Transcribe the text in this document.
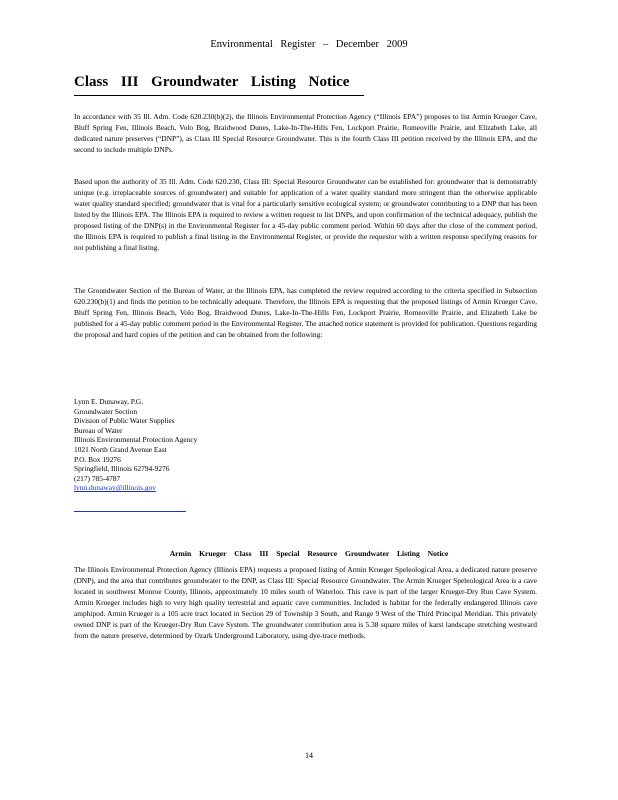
Environmental Register – December 2009
Class III Groundwater Listing Notice

In accordance with 35 Ill. Adm. Code 620.230(b)(2), the Illinois Environmental Protection Agency (“Illinois EPA”) proposes to list Armin Krueger Cave, Bluff Spring Fen, Illinois Beach, Volo Bog, Braidwood Dunes, Lake-In-The-Hills Fen, Lockport Prairie, Romeoville Prairie, and Elizabeth Lake, all dedicated nature preserves (“DNP”), as Class III Special Resource Groundwater. This is the fourth Class III petition received by the Illinois EPA, and the second to include multiple DNPs.

Based upon the authority of 35 Ill. Adm. Code 620.230, Class III: Special Resource Groundwater can be established for: groundwater that is demonstrably unique (e.g. irreplaceable sources of groundwater) and suitable for application of a water quality standard more stringent than the otherwise applicable water quality standard specified; groundwater that is vital for a particularly sensitive ecological system; or groundwater contributing to a DNP that has been listed by the Illinois EPA. The Illinois EPA is required to review a written request to list DNPs, and upon confirmation of the technical adequacy, publish the proposed listing of the DNP(s) in the Environmental Register for a 45-day public comment period. Within 60 days after the close of the comment period, the Illinois EPA is required to publish a final listing in the Environmental Register, or provide the requestor with a written response specifying reasons for not publishing a final listing.

The Groundwater Section of the Bureau of Water, at the Illinois EPA, has completed the review required according to the criteria specified in Subsection 620.230(b)(1) and finds the petition to be technically adequate. Therefore, the Illinois EPA is requesting that the proposed listings of Armin Krueger Cave, Bluff Spring Fen, Illinois Beach, Volo Bog, Braidwood Dunes, Lake-In-The-Hills Fen, Lockport Prairie, Romeoville Prairie, and Elizabeth Lake be published for a 45-day public comment period in the Environmental Register. The attached notice statement is provided for publication. Questions regarding the proposal and hard copies of the petition and can be obtained from the following:

Lynn E. Dunaway, P.G.
Groundwater Section
Division of Public Water Supplies
Bureau of Water
Illinois Environmental Protection Agency
1021 North Grand Avenue East
P.O. Box 19276
Springfield, Illinois 62794-9276
(217) 785-4787
lynn.dunaway@illinois.gov
Armin Krueger Class III Special Resource Groundwater Listing Notice

The Illinois Environmental Protection Agency (Illinois EPA) requests a proposed listing of Armin Krueger Speleological Area, a dedicated nature preserve (DNP), and the area that contributes groundwater to the DNP, as Class III: Special Resource Groundwater. The Armin Krueger Speleological Area is a cave located in southwest Monroe County, Illinois, approximately 10 miles south of Waterloo. This cave is part of the larger Krueger-Dry Run Cave System. Armin Krueger includes high to very high quality terrestrial and aquatic cave communities. Included is habitat for the federally endangered Illinois cave amphipod. Armin Krueger is a 105 acre tract located in Section 29 of Township 3 South, and Range 9 West of the Third Principal Meridian. This privately owned DNP is part of the Krueger-Dry Run Cave System. The groundwater contribution area is 5.38 square miles of karst landscape stretching westward from the nature preserve, determined by Ozark Underground Laboratory, using dye-trace methods.

14
